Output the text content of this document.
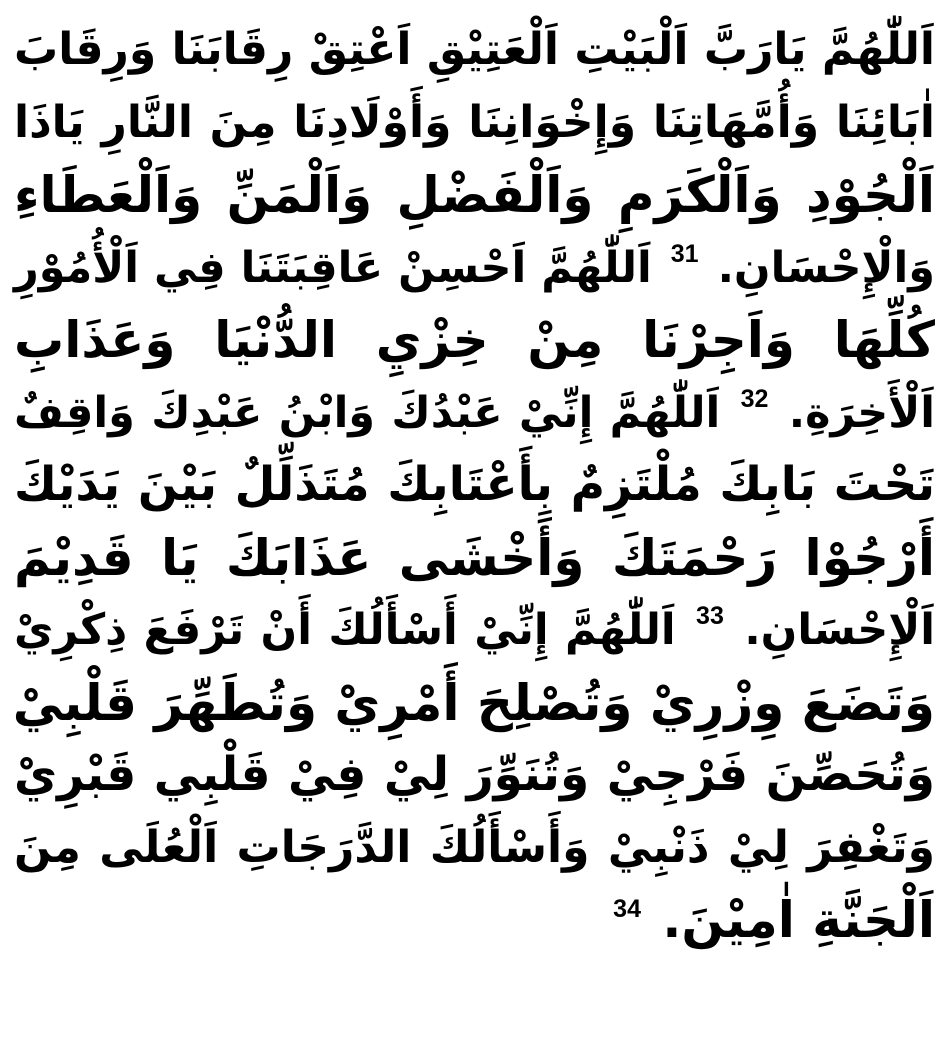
اَللّٰهُمَّ يَارَبَّ اَلْبَيْتِ اَلْعَتِيْقِ اَعْتِقْ رِقَابَنَا وَرِقَابَ
اٰبَائِنَا وَأُمَّهَاتِنَا وَإِخْوَانِنَا وَأَوْلَادِنَا مِنَ النَّارِ يَاذَا
اَلْجُوْدِ وَاَلْكَرَمِ وَاَلْفَضْلِ وَاَلْمَنِّ وَاَلْعَطَاءِ
وَالْإِحْسَانِ. $^{31}$ اَللّٰهُمَّ اَحْسِنْ عَاقِبَتَنَا فِي اَلْأُمُوْرِ
كُلِّهَا وَاَجِرْنَا مِنْ خِزْيِ الدُّنْيَا وَعَذَابِ
اَلْأَخِرَةِ. $^{32}$ اَللّٰهُمَّ إِنِّيْ عَبْدُكَ وَابْنُ عَبْدِكَ وَاقِفٌ
تَحْتَ بَابِكَ مُلْتَزِمٌ بِأَعْتَابِكَ مُتَذَلِّلٌ بَيْنَ يَدَيْكَ
أَرْجُوْا رَحْمَتَكَ وَأَخْشَى عَذَابَكَ يَا قَدِيْمَ
اَلْإِحْسَانِ. $^{33}$ اَللّٰهُمَّ إِنِّيْ أَسْأَلُكَ أَنْ تَرْفَعَ ذِكْرِيْ
وَتَضَعَ وِزْرِيْ وَتُصْلِحَ أَمْرِيْ وَتُطَهِّرَ قَلْبِيْ
وَتُحَصِّنَ فَرْجِيْ وَتُنَوِّرَ لِيْ فِيْ قَلْبِي قَبْرِيْ
وَتَغْفِرَ لِيْ ذَنْبِيْ وَأَسْأَلُكَ الدَّرَجَاتِ اَلْعُلَى مِنَ
اَلْجَنَّةِ اٰمِيْنَ. $^{34}$
